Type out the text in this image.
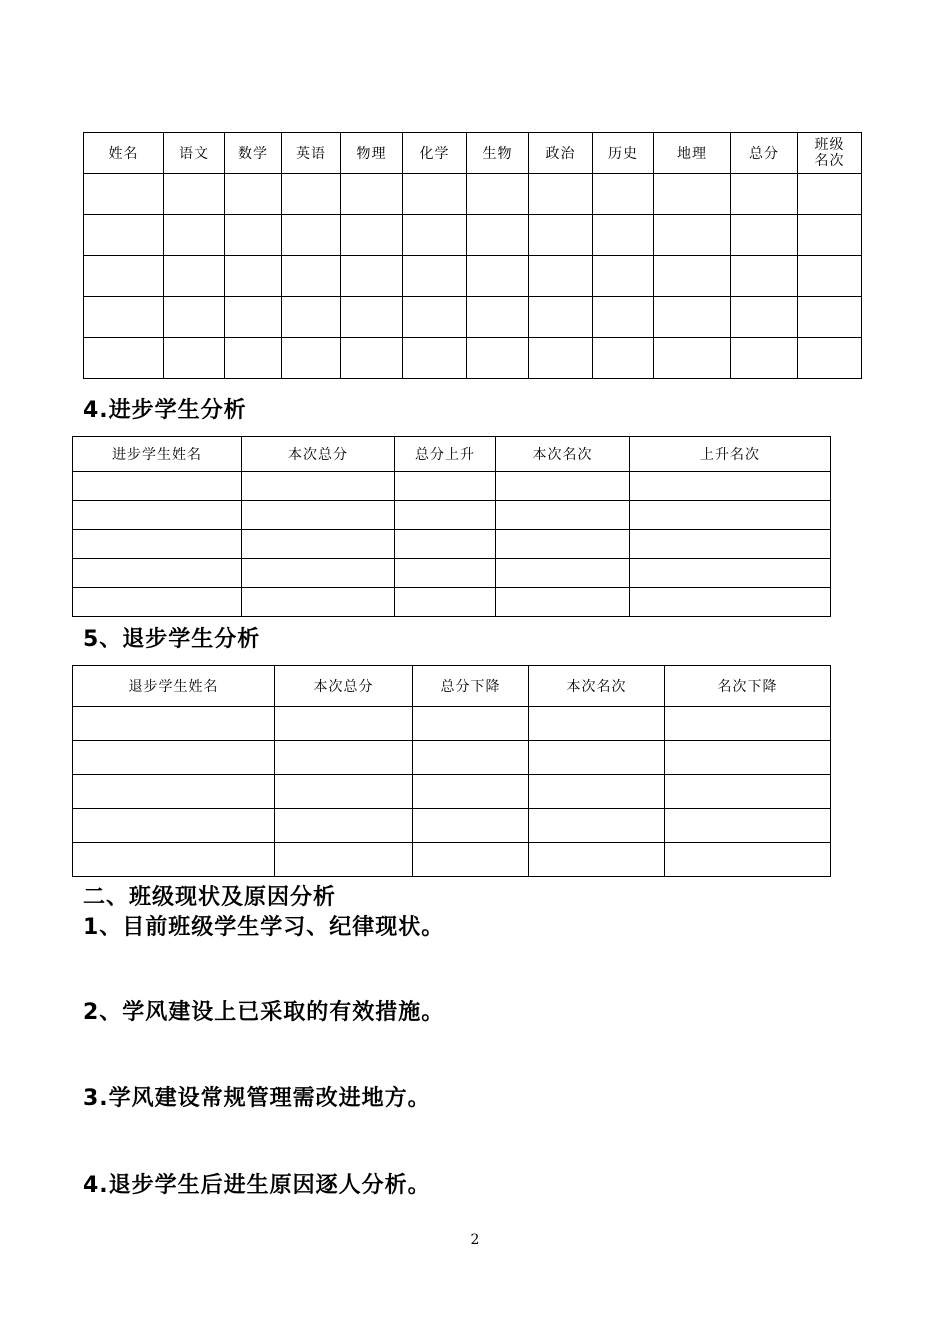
姓名	语文	数学	英语	物理	化学	生物	政治	历史	地理	总分	班级
名次

4.进步学生分析
进步学生姓名	本次总分	总分上升	本次名次	上升名次

5、退步学生分析
退步学生姓名	本次总分	总分下降	本次名次	名次下降

二、班级现状及原因分析
1、目前班级学生学习、纪律现状。
2、学风建设上已采取的有效措施。
3.学风建设常规管理需改进地方。
4.退步学生后进生原因逐人分析。
2
